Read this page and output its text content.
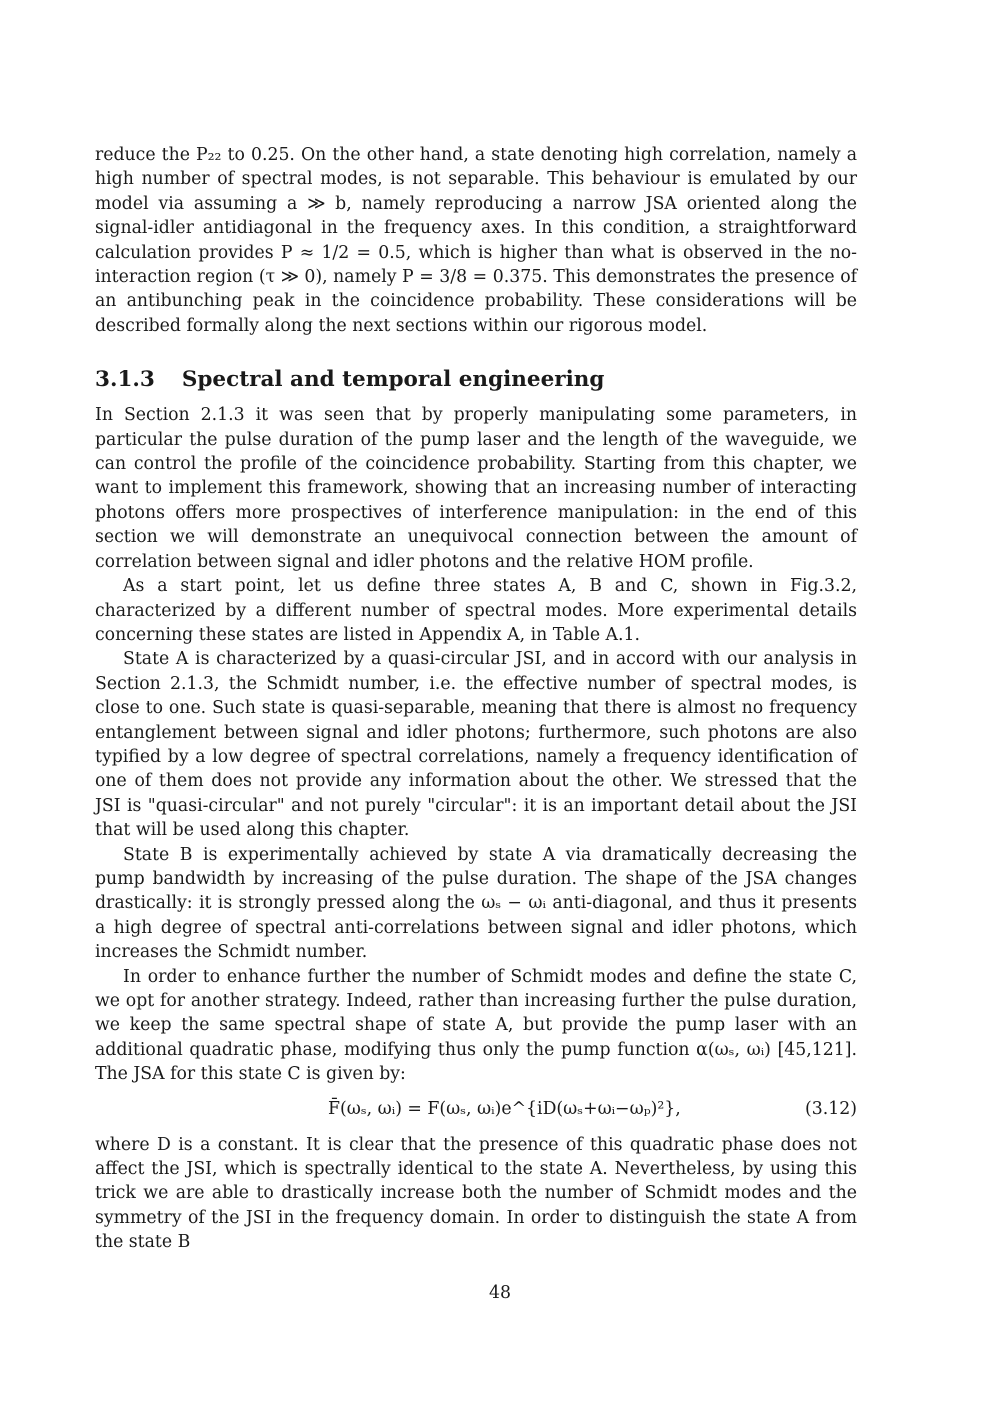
reduce the P₂₂ to 0.25. On the other hand, a state denoting high correlation, namely a high number of spectral modes, is not separable. This behaviour is emulated by our model via assuming a ≫ b, namely reproducing a narrow JSA oriented along the signal-idler antidiagonal in the frequency axes. In this condition, a straightforward calculation provides P ≈ 1/2 = 0.5, which is higher than what is observed in the no-interaction region (τ ≫ 0), namely P = 3/8 = 0.375. This demonstrates the presence of an antibunching peak in the coincidence probability. These considerations will be described formally along the next sections within our rigorous model.

3.1.3 Spectral and temporal engineering

In Section 2.1.3 it was seen that by properly manipulating some parameters, in particular the pulse duration of the pump laser and the length of the waveguide, we can control the profile of the coincidence probability. Starting from this chapter, we want to implement this framework, showing that an increasing number of interacting photons offers more prospectives of interference manipulation: in the end of this section we will demonstrate an unequivocal connection between the amount of correlation between signal and idler photons and the relative HOM profile.

As a start point, let us define three states A, B and C, shown in Fig.3.2, characterized by a different number of spectral modes. More experimental details concerning these states are listed in Appendix A, in Table A.1.

State A is characterized by a quasi-circular JSI, and in accord with our analysis in Section 2.1.3, the Schmidt number, i.e. the effective number of spectral modes, is close to one. Such state is quasi-separable, meaning that there is almost no frequency entanglement between signal and idler photons; furthermore, such photons are also typified by a low degree of spectral correlations, namely a frequency identification of one of them does not provide any information about the other. We stressed that the JSI is "quasi-circular" and not purely "circular": it is an important detail about the JSI that will be used along this chapter.

State B is experimentally achieved by state A via dramatically decreasing the pump bandwidth by increasing of the pulse duration. The shape of the JSA changes drastically: it is strongly pressed along the ωₛ − ωᵢ anti-diagonal, and thus it presents a high degree of spectral anti-correlations between signal and idler photons, which increases the Schmidt number.

In order to enhance further the number of Schmidt modes and define the state C, we opt for another strategy. Indeed, rather than increasing further the pulse duration, we keep the same spectral shape of state A, but provide the pump laser with an additional quadratic phase, modifying thus only the pump function α(ωₛ, ωᵢ) [45,121]. The JSA for this state C is given by:

F̄(ωₛ, ωᵢ) = F(ωₛ, ωᵢ)e^{iD(ωₛ+ωᵢ−ωₚ)²},	(3.12)

where D is a constant. It is clear that the presence of this quadratic phase does not affect the JSI, which is spectrally identical to the state A. Nevertheless, by using this trick we are able to drastically increase both the number of Schmidt modes and the symmetry of the JSI in the frequency domain. In order to distinguish the state A from the state B

48
